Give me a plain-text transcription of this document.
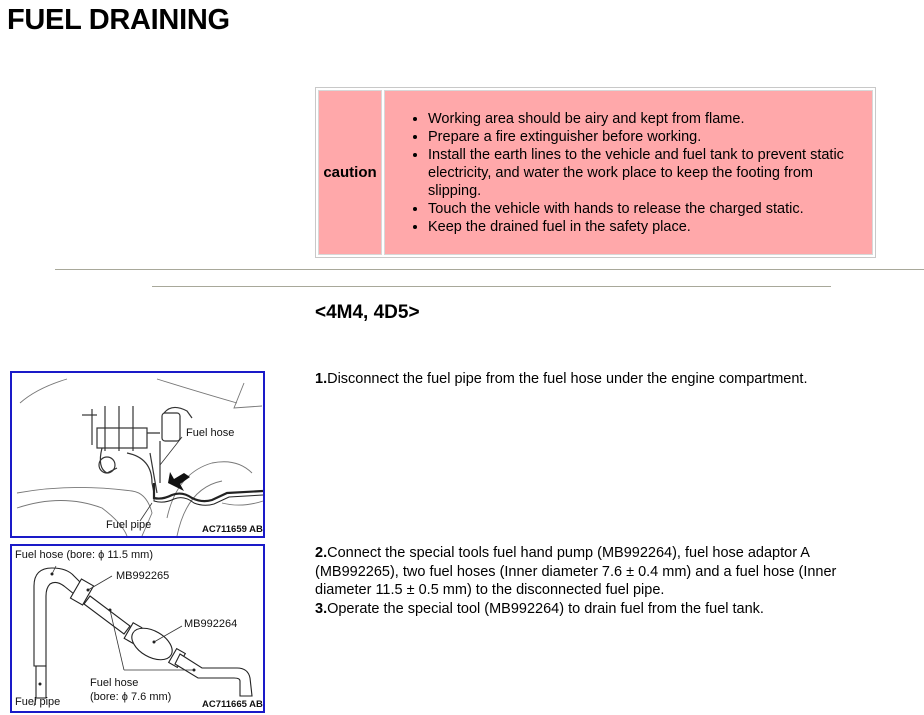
FUEL DRAINING
caution	
• Working area should be airy and kept from flame.
• Prepare a fire extinguisher before working.
• Install the earth lines to the vehicle and fuel tank to prevent static electricity, and water the work place to keep the footing from slipping.
• Touch the vehicle with hands to release the charged static.
• Keep the drained fuel in the safety place.
<4M4, 4D5>
1.Disconnect the fuel pipe from the fuel hose under the engine compartment.
2.Connect the special tools fuel hand pump (MB992264), fuel hose adaptor A (MB992265), two fuel hoses (Inner diameter 7.6 ± 0.4 mm) and a fuel hose (Inner diameter 11.5 ± 0.5 mm) to the disconnected fuel pipe.
3.Operate the special tool (MB992264) to drain fuel from the fuel tank.
Fuel hose
Fuel pipe	AC711659 AB
Fuel hose (bore: ϕ 11.5 mm)
MB992265
MB992264
Fuel hose
(bore: ϕ 7.6 mm)
Fuel pipe	AC711665 AB
